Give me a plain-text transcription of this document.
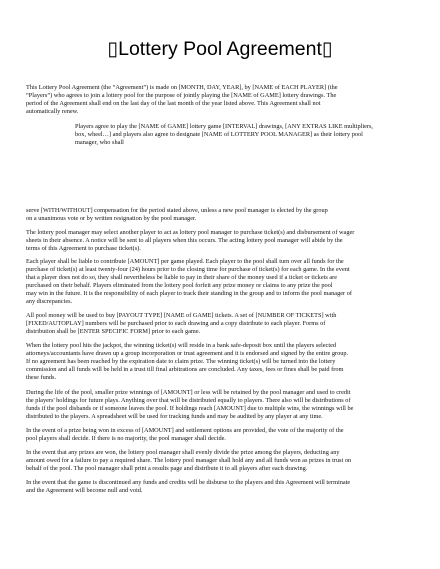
▯Lottery Pool Agreement▯
This Lottery Pool Agreement (the “Agreement”) is made on [MONTH, DAY, YEAR], by [NAME of EACH PLAYER] (the
“Players”) who agrees to join a lottery pool for the purpose of jointly playing the [NAME of GAME] lottery drawings. The
period of the Agreement shall end on the last day of the last month of the year listed above. This Agreement shall not
automatically renew.
Players agree to play the [NAME of GAME] lottery game [INTERVAL] drawings, [ANY EXTRAS LIKE multipliers,
box, wheel…] and players also agree to designate [NAME of LOTTERY POOL MANAGER] as their lottery pool
manager, who shall
serve [WITH/WITHOUT] compensation for the period stated above, unless a new pool manager is elected by the group
on a unanimous vote or by written resignation by the pool manager.
The lottery pool manager may select another player to act as lottery pool manager to purchase ticket(s) and disbursement of wager
sheets in their absence. A notice will be sent to all players when this occurs. The acting lottery pool manager will abide by the
terms of this Agreement to purchase ticket(s).
Each player shall be liable to contribute [AMOUNT] per game played. Each player to the pool shall turn over all funds for the
purchase of ticket(s) at least twenty-four (24) hours prior to the closing time for purchase of ticket(s) for each game. In the event
that a player does not do so, they shall nevertheless be liable to pay in their share of the money used if a ticket or tickets are
purchased on their behalf. Players eliminated from the lottery pool forfeit any prize money or claims to any prize the pool
may win in the future. It is the responsibility of each player to track their standing in the group and to inform the pool manager of
any discrepancies.
All pool money will be used to buy [PAYOUT TYPE] [NAME of GAME] tickets. A set of [NUMBER OF TICKETS] with
[FIXED/AUTOPLAY] numbers will be purchased prior to each drawing and a copy distribute to each player. Forms of
distribution shall be [ENTER SPECIFIC FORM] prior to each game.
When the lottery pool hits the jackpot, the winning ticket(s) will reside in a bank safe-deposit box until the players selected
attorneys/accountants have drawn up a group incorporation or trust agreement and it is endorsed and signed by the entire group.
If no agreement has been reached by the expiration date to claim prize. The winning ticket(s) will be turned into the lottery
commission and all funds will be held in a trust till final arbitrations are concluded. Any taxes, fees or fines shall be paid from
these funds.
During the life of the pool, smaller prize winnings of [AMOUNT] or less will be retained by the pool manager and used to credit
the players' holdings for future plays. Anything over that will be distributed equally to players. There also will be distributions of
funds if the pool disbands or if someone leaves the pool. If holdings reach [AMOUNT] due to multiple wins, the winnings will be
distributed to the players. A spreadsheet will be used for tracking funds and may be audited by any player at any time.
In the event of a prize being won in excess of [AMOUNT] and settlement options are provided, the vote of the majority of the
pool players shall decide. If there is no majority, the pool manager shall decide.
In the event that any prizes are won, the lottery pool manager shall evenly divide the prize among the players, deducting any
amount owed for a failure to pay a required share. The lottery pool manager shall hold any and all funds won as prizes in trust on
behalf of the pool. The pool manager shall print a results page and distribute it to all players after each drawing.
In the event that the game is discontinued any funds and credits will be disburse to the players and this Agreement will terminate
and the Agreement will become null and void.
